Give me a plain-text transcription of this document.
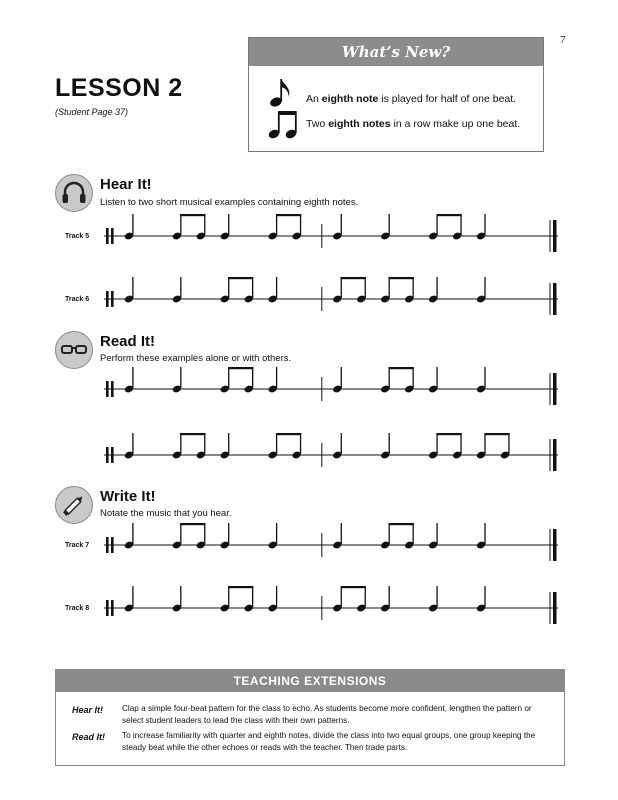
7
LESSON 2
(Student Page 37)
What’s New?
An eighth note is played for half of one beat.
Two eighth notes in a row make up one beat.
Hear It!
Listen to two short musical examples containing eighth notes.
Track 5
Track 6
Read It!
Perform these examples alone or with others.
Write It!
Notate the music that you hear.
Track 7
Track 8
TEACHING EXTENSIONS
Hear It! Clap a simple four-beat pattern for the class to echo. As students become more confident, lengthen the pattern or select student leaders to lead the class with their own patterns.
Read It! To increase familiarity with quarter and eighth notes, divide the class into two equal groups, one group keeping the steady beat while the other echoes or reads with the teacher. Then trade parts.
